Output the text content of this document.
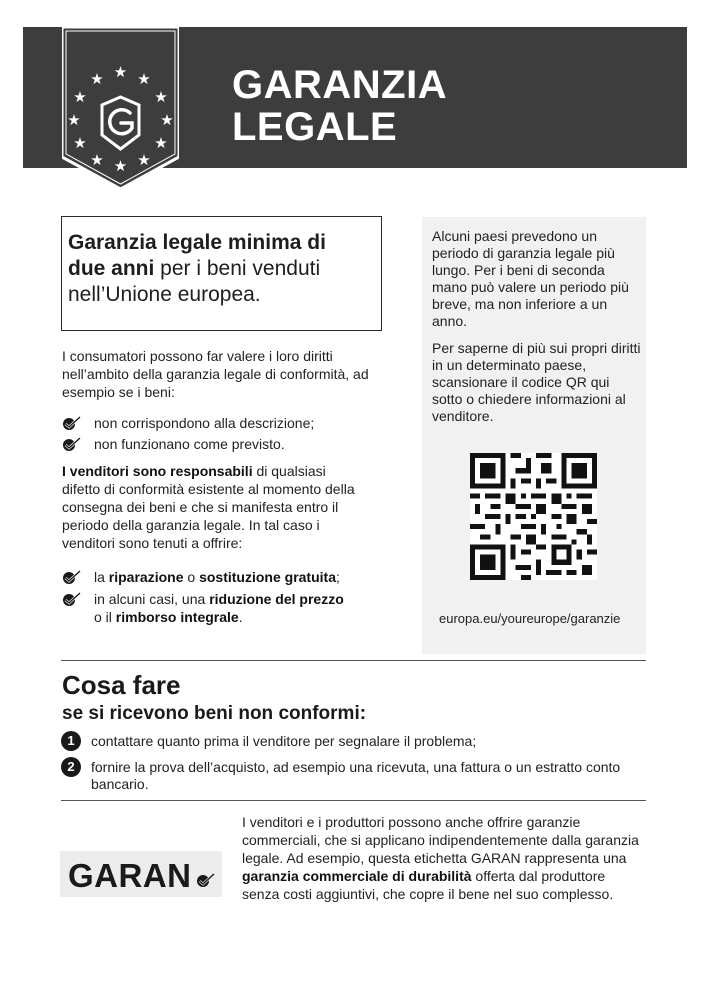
★ ★
★
★
★
★
★
★
★
★
★
★	GARANZIA
LEGALE
Garanzia legale minima di
due anni per i beni venduti
nell’Unione europea.
I consumatori possono far valere i loro diritti nell’ambito della garanzia legale di conformità, ad esempio se i beni:
non corrispondono alla descrizione;
non funzionano come previsto.
I venditori sono responsabili di qualsiasi difetto di conformità esistente al momento della consegna dei beni e che si manifesta entro il periodo della garanzia legale. In tal caso i venditori sono tenuti a offrire:
la riparazione o sostituzione gratuita;
in alcuni casi, una riduzione del prezzo
o il rimborso integrale.
Alcuni paesi prevedono un periodo di garanzia legale più lungo. Per i beni di seconda mano può valere un periodo più breve, ma non inferiore a un anno.
Per saperne di più sui propri diritti in un determinato paese, scansionare il codice QR qui sotto o chiedere informazioni al venditore.
europa.eu/youreurope/garanzie
Cosa fare
se si ricevono beni non conformi:
1	contattare quanto prima il venditore per segnalare il problema;
2	fornire la prova dell’acquisto, ad esempio una ricevuta, una fattura o un estratto conto bancario.
GARAN
I venditori e i produttori possono anche offrire garanzie commerciali, che si applicano indipendentemente dalla garanzia legale. Ad esempio, questa etichetta GARAN rappresenta una garanzia commerciale di durabilità offerta dal produttore senza costi aggiuntivi, che copre il bene nel suo complesso.
